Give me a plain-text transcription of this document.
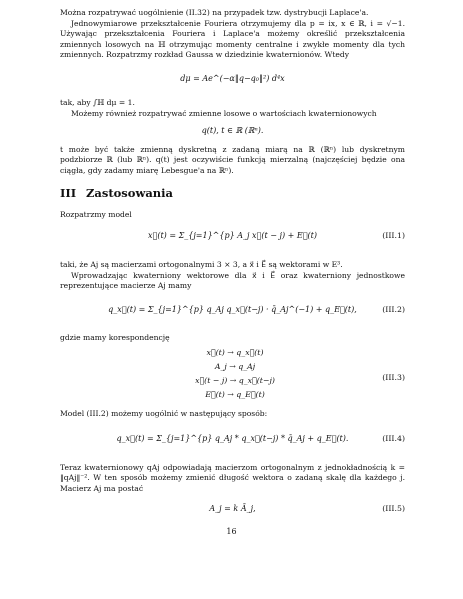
Można rozpatrywać uogólnienie (II.32) na przypadek tzw. dystrybucji Laplace'a.
Jednowymiarowe przekształcenie Fouriera otrzymujemy dla p = ix, x ∈ ℝ, i = √−1. Używając przekształcenia Fouriera i Laplace'a możemy określić przekształcenia zmiennych losowych na ℍ otrzymując momenty centralne i zwykłe momenty dla tych zmiennych. Rozpatrzmy rozkład Gaussa w dziedzinie kwaternionów. Wtedy
dμ = Ae^(−α‖q−q₀‖²) d⁴x
tak, aby ∫ℍ dμ = 1.
Możemy również rozpatrywać zmienne losowe o wartościach kwaternionowych
q(t), t ∈ ℝ (ℝⁿ).
t może być także zmienną dyskretną z zadaną miarą na ℝ (ℝⁿ) lub dyskretnym podzbiorze ℝ (lub ℝⁿ). q(t) jest oczywiście funkcją mierzalną (najczęściej będzie ona ciągła, gdy zadamy miarę Lebesgue'a na ℝⁿ).
III Zastosowania
Rozpatrzmy model
x⃗(t) = Σ_{j=1}^{p} A_j x⃗(t − j) + E⃗(t)	(III.1)
taki, że Aj są macierzami ortogonalnymi 3 × 3, a x⃗ i E⃗ są wektorami w E³.
Wprowadzając kwaterniony wektorowe dla x⃗ i E⃗ oraz kwaterniony jednostkowe reprezentujące macierze Aj mamy
q_x⃗(t) = Σ_{j=1}^{p} q_Aj q_x⃗(t−j) · q̄_Aj^(−1) + q_E⃗(t),	(III.2)
gdzie mamy korespondencję
x⃗(t) → q_x⃗(t)
A_j → q_Aj
x⃗(t − j) → q_x⃗(t−j)
E⃗(t) → q_E⃗(t)
(III.3)
Model (III.2) możemy uogólnić w następujący sposób:
q_x⃗(t) = Σ_{j=1}^{p} q_Aj * q_x⃗(t−j) * q̄_Aj + q_E⃗(t).	(III.4)
Teraz kwaternionowy qAj odpowiadają macierzom ortogonalnym z jednokładnością k = ‖qAj‖⁻². W ten sposób możemy zmienić długość wektora o zadaną skalę dla każdego j. Macierz Aj ma postać
A_j = k Ā_j,	(III.5)
16
